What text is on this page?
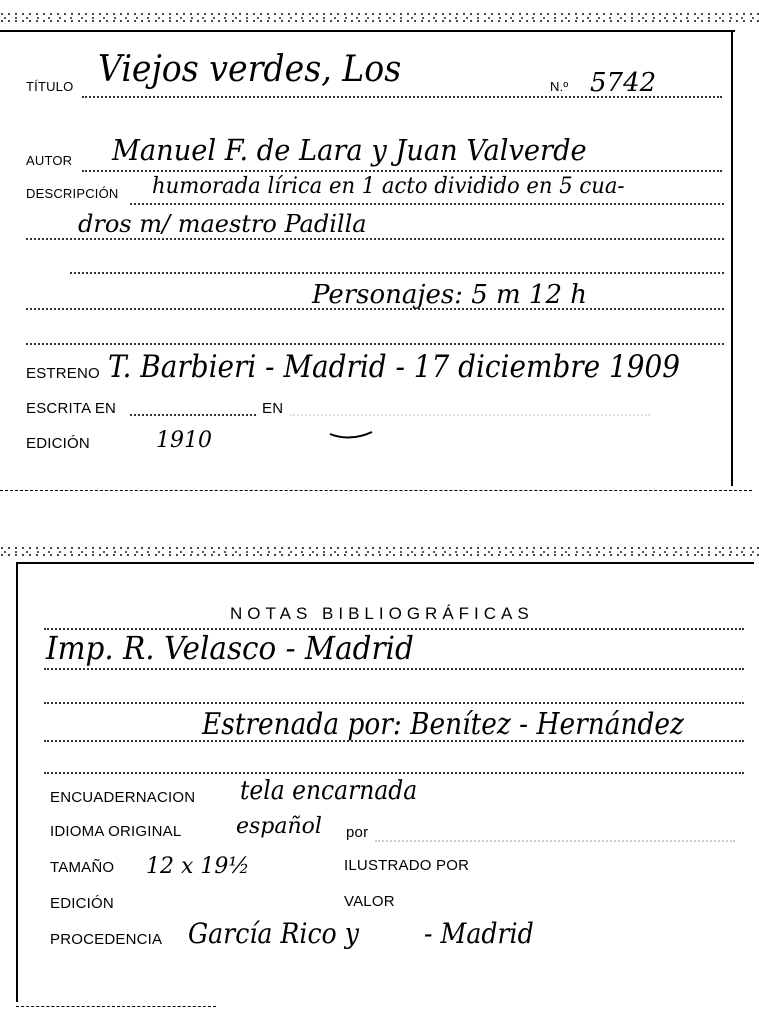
TÍTULO Viejos verdes, Los	N.º 5742
AUTOR Manuel F. de Lara y Juan Valverde
DESCRIPCIÓN humorada lírica en 1 acto dividido en 5 cua-
dros m/ maestro Padilla
Personajes: 5 m 12 h
ESTRENO T. Barbieri - Madrid - 17 diciembre 1909
ESCRITA EN	EN
EDICIÓN	1910
NOTAS BIBLIOGRÁFICAS
Imp. R. Velasco - Madrid
Estrenada por: Benítez - Hernández
ENCUADERNACION tela encarnada
IDIOMA ORIGINAL español por
TAMAÑO 12 x 19½	ILUSTRADO POR
EDICIÓN	VALOR
PROCEDENCIA García Rico y - Madrid
